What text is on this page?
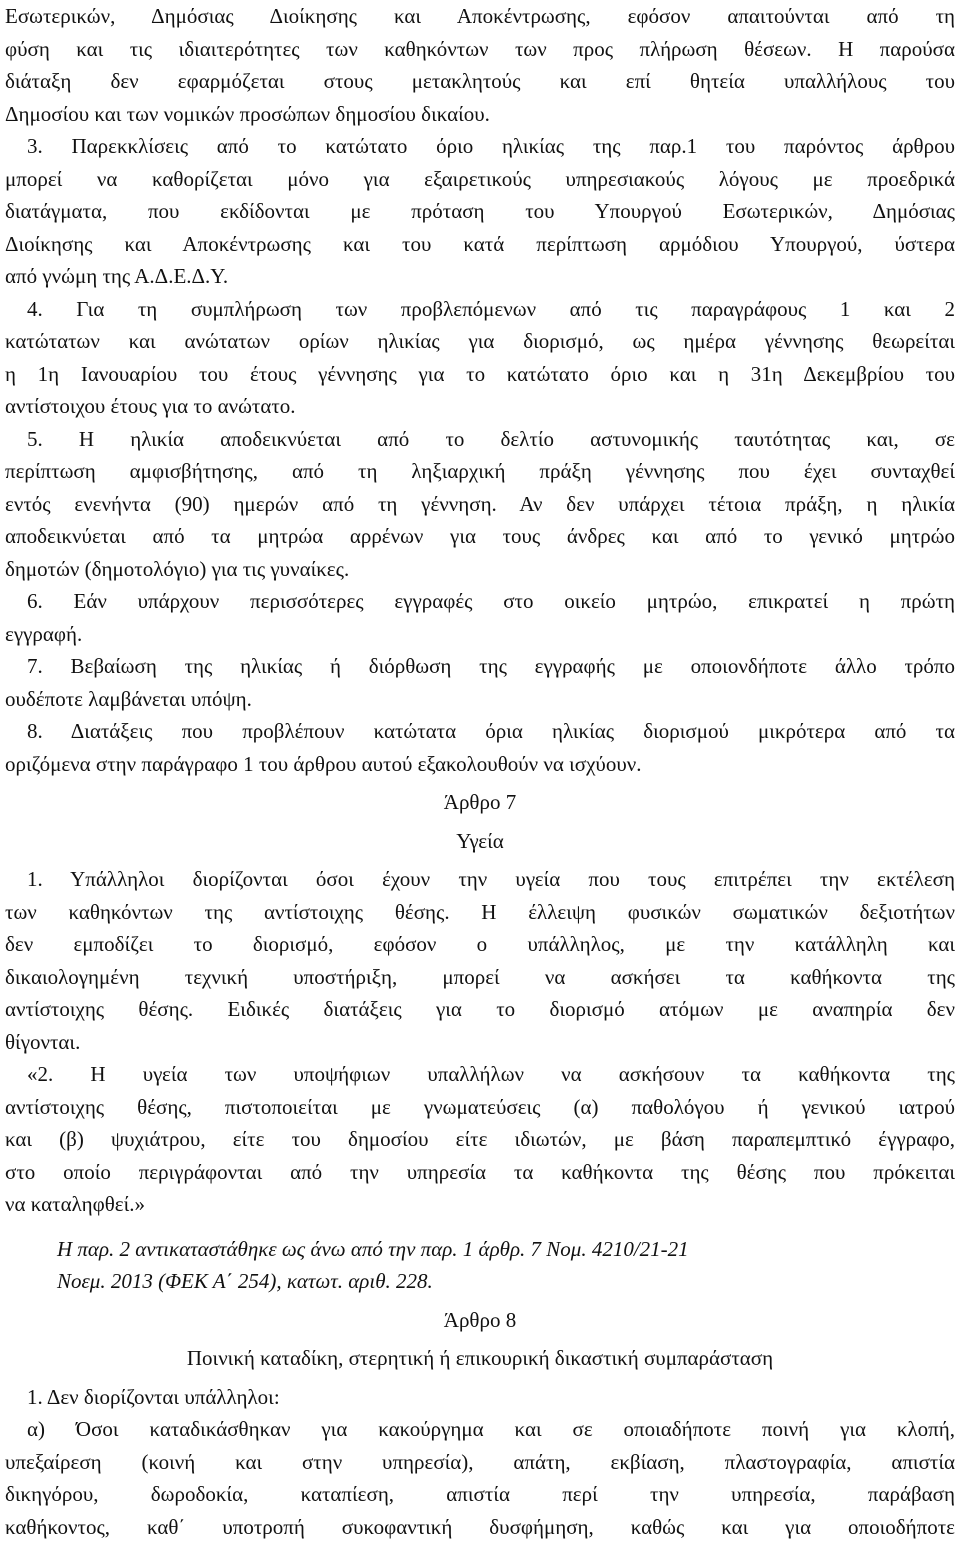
Εσωτερικών, Δημόσιας Διοίκησης και Αποκέντρωσης, εφόσον απαιτούνται από τη
φύση και τις ιδιαιτερότητες των καθηκόντων των προς πλήρωση θέσεων. Η παρούσα
διάταξη δεν εφαρμόζεται στους μετακλητούς και επί θητεία υπαλλήλους του
Δημοσίου και των νομικών προσώπων δημοσίου δικαίου.
3. Παρεκκλίσεις από το κατώτατο όριο ηλικίας της παρ.1 του παρόντος άρθρου
μπορεί να καθορίζεται μόνο για εξαιρετικούς υπηρεσιακούς λόγους με προεδρικά
διατάγματα, που εκδίδονται με πρόταση του Υπουργού Εσωτερικών, Δημόσιας
Διοίκησης και Αποκέντρωσης και του κατά περίπτωση αρμόδιου Υπουργού, ύστερα
από γνώμη της Α.Δ.Ε.Δ.Υ.
4. Για τη συμπλήρωση των προβλεπόμενων από τις παραγράφους 1 και 2
κατώτατων και ανώτατων ορίων ηλικίας για διορισμό, ως ημέρα γέννησης θεωρείται
η 1η Ιανουαρίου του έτους γέννησης για το κατώτατο όριο και η 31η Δεκεμβρίου του
αντίστοιχου έτους για το ανώτατο.
5. Η ηλικία αποδεικνύεται από το δελτίο αστυνομικής ταυτότητας και, σε
περίπτωση αμφισβήτησης, από τη ληξιαρχική πράξη γέννησης που έχει συνταχθεί
εντός ενενήντα (90) ημερών από τη γέννηση. Αν δεν υπάρχει τέτοια πράξη, η ηλικία
αποδεικνύεται από τα μητρώα αρρένων για τους άνδρες και από το γενικό μητρώο
δημοτών (δημοτολόγιο) για τις γυναίκες.
6. Εάν υπάρχουν περισσότερες εγγραφές στο οικείο μητρώο, επικρατεί η πρώτη
εγγραφή.
7. Βεβαίωση της ηλικίας ή διόρθωση της εγγραφής με οποιονδήποτε άλλο τρόπο
ουδέποτε λαμβάνεται υπόψη.
8. Διατάξεις που προβλέπουν κατώτατα όρια ηλικίας διορισμού μικρότερα από τα
οριζόμενα στην παράγραφο 1 του άρθρου αυτού εξακολουθούν να ισχύουν.
Άρθρο 7
Υγεία
1. Υπάλληλοι διορίζονται όσοι έχουν την υγεία που τους επιτρέπει την εκτέλεση
των καθηκόντων της αντίστοιχης θέσης. Η έλλειψη φυσικών σωματικών δεξιοτήτων
δεν εμποδίζει το διορισμό, εφόσον ο υπάλληλος, με την κατάλληλη και
δικαιολογημένη τεχνική υποστήριξη, μπορεί να ασκήσει τα καθήκοντα της
αντίστοιχης θέσης. Ειδικές διατάξεις για το διορισμό ατόμων με αναπηρία δεν
θίγονται.
«2. Η υγεία των υποψήφιων υπαλλήλων να ασκήσουν τα καθήκοντα της
αντίστοιχης θέσης, πιστοποιείται με γνωματεύσεις (α) παθολόγου ή γενικού ιατρού
και (β) ψυχιάτρου, είτε του δημοσίου είτε ιδιωτών, με βάση παραπεμπτικό έγγραφο,
στο οποίο περιγράφονται από την υπηρεσία τα καθήκοντα της θέσης που πρόκειται
να καταληφθεί.»
Η παρ. 2 αντικαταστάθηκε ως άνω από την παρ. 1 άρθρ. 7 Νομ. 4210/21-21
Νοεμ. 2013 (ΦΕΚ Α΄ 254), κατωτ. αριθ. 228.
Άρθρο 8
Ποινική καταδίκη, στερητική ή επικουρική δικαστική συμπαράσταση
1. Δεν διορίζονται υπάλληλοι:
α) Όσοι καταδικάσθηκαν για κακούργημα και σε οποιαδήποτε ποινή για κλοπή,
υπεξαίρεση (κοινή και στην υπηρεσία), απάτη, εκβίαση, πλαστογραφία, απιστία
δικηγόρου, δωροδοκία, καταπίεση, απιστία περί την υπηρεσία, παράβαση
καθήκοντος, καθ΄ υποτροπή συκοφαντική δυσφήμηση, καθώς και για οποιοδήποτε
